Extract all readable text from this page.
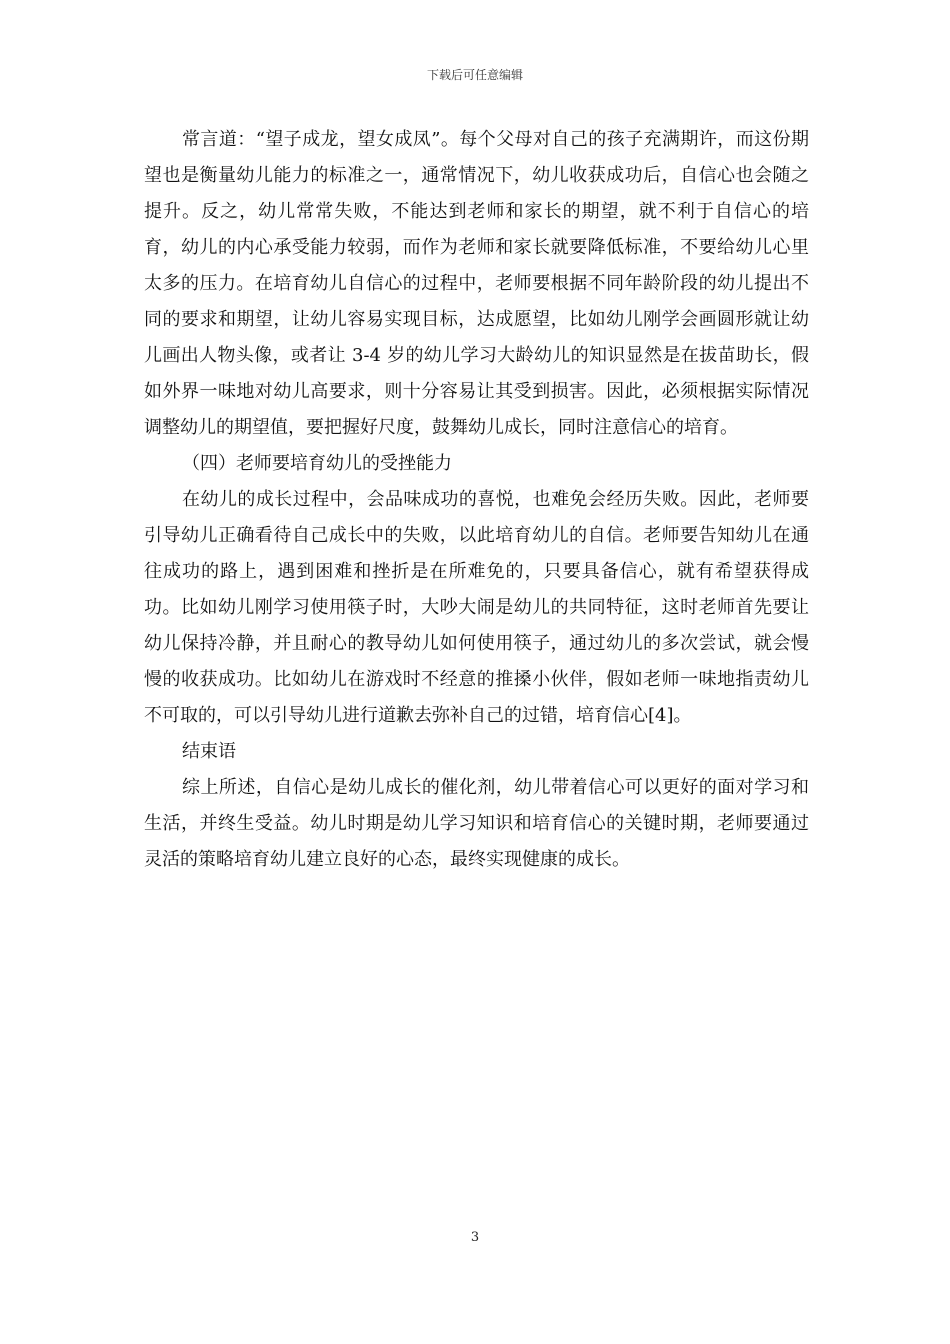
下载后可任意编辑

常言道：“望子成龙，望女成凤”。每个父母对自己的孩子充满期许，而这份期望也是衡量幼儿能力的标准之一，通常情况下，幼儿收获成功后，自信心也会随之提升。反之，幼儿常常失败，不能达到老师和家长的期望，就不利于自信心的培育，幼儿的内心承受能力较弱，而作为老师和家长就要降低标准，不要给幼儿心里太多的压力。在培育幼儿自信心的过程中，老师要根据不同年龄阶段的幼儿提出不同的要求和期望，让幼儿容易实现目标，达成愿望，比如幼儿刚学会画圆形就让幼儿画出人物头像，或者让 3-4 岁的幼儿学习大龄幼儿的知识显然是在拔苗助长，假如外界一味地对幼儿高要求，则十分容易让其受到损害。因此，必须根据实际情况调整幼儿的期望值，要把握好尺度，鼓舞幼儿成长，同时注意信心的培育。

（四）老师要培育幼儿的受挫能力

在幼儿的成长过程中，会品味成功的喜悦，也难免会经历失败。因此，老师要引导幼儿正确看待自己成长中的失败，以此培育幼儿的自信。老师要告知幼儿在通往成功的路上，遇到困难和挫折是在所难免的，只要具备信心，就有希望获得成功。比如幼儿刚学习使用筷子时，大吵大闹是幼儿的共同特征，这时老师首先要让幼儿保持冷静，并且耐心的教导幼儿如何使用筷子，通过幼儿的多次尝试，就会慢慢的收获成功。比如幼儿在游戏时不经意的推搡小伙伴，假如老师一味地指责幼儿不可取的，可以引导幼儿进行道歉去弥补自己的过错，培育信心[4]。

结束语

综上所述，自信心是幼儿成长的催化剂，幼儿带着信心可以更好的面对学习和生活，并终生受益。幼儿时期是幼儿学习知识和培育信心的关键时期，老师要通过灵活的策略培育幼儿建立良好的心态，最终实现健康的成长。

3
